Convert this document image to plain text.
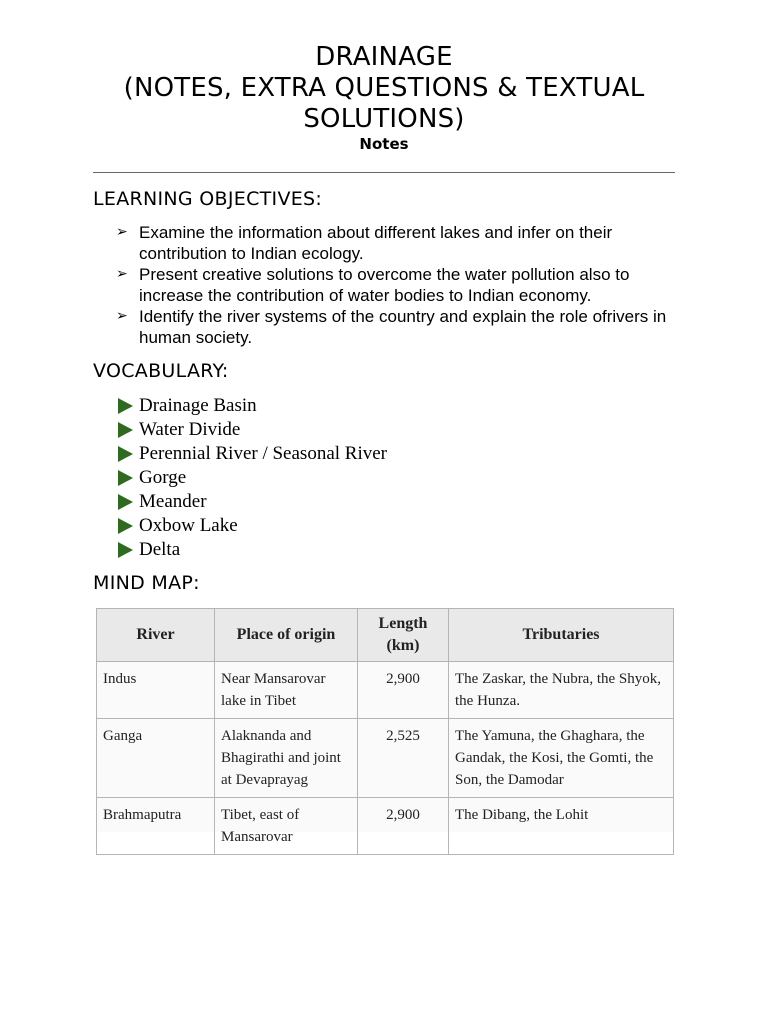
DRAINAGE
(NOTES, EXTRA QUESTIONS & TEXTUAL
SOLUTIONS)
Notes
LEARNING OBJECTIVES:
➢ Examine the information about different lakes and infer on their contribution to Indian ecology.
➢ Present creative solutions to overcome the water pollution also to increase the contribution of water bodies to Indian economy.
➢ Identify the river systems of the country and explain the role ofrivers in human society.
VOCABULARY:
Drainage Basin
Water Divide
Perennial River / Seasonal River
Gorge
Meander
Oxbow Lake
Delta
MIND MAP:
River	Place of origin	Length (km)	Tributaries
Indus	Near Mansarovar lake in Tibet	2,900	The Zaskar, the Nubra, the Shyok, the Hunza.
Ganga	Alaknanda and Bhagirathi and joint at Devaprayag	2,525	The Yamuna, the Ghaghara, the Gandak, the Kosi, the Gomti, the Son, the Damodar
Brahmaputra	Tibet, east of Mansarovar	2,900	The Dibang, the Lohit
